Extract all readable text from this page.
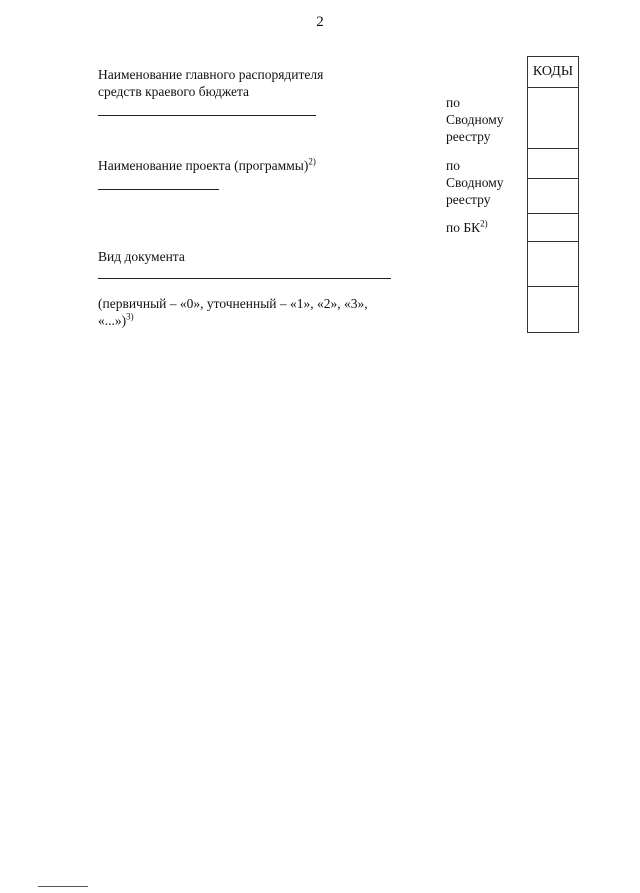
2
Наименование главного распорядителя
средств краевого бюджета
Наименование проекта (программы)$^{2)}$
Вид документа
(первичный – «0», уточненный – «1», «2», «3»,
«...»)$^{3)}$
по
Сводному
реестру
по
Сводному
реестру
по БК$^{2)}$
КОДЫ
